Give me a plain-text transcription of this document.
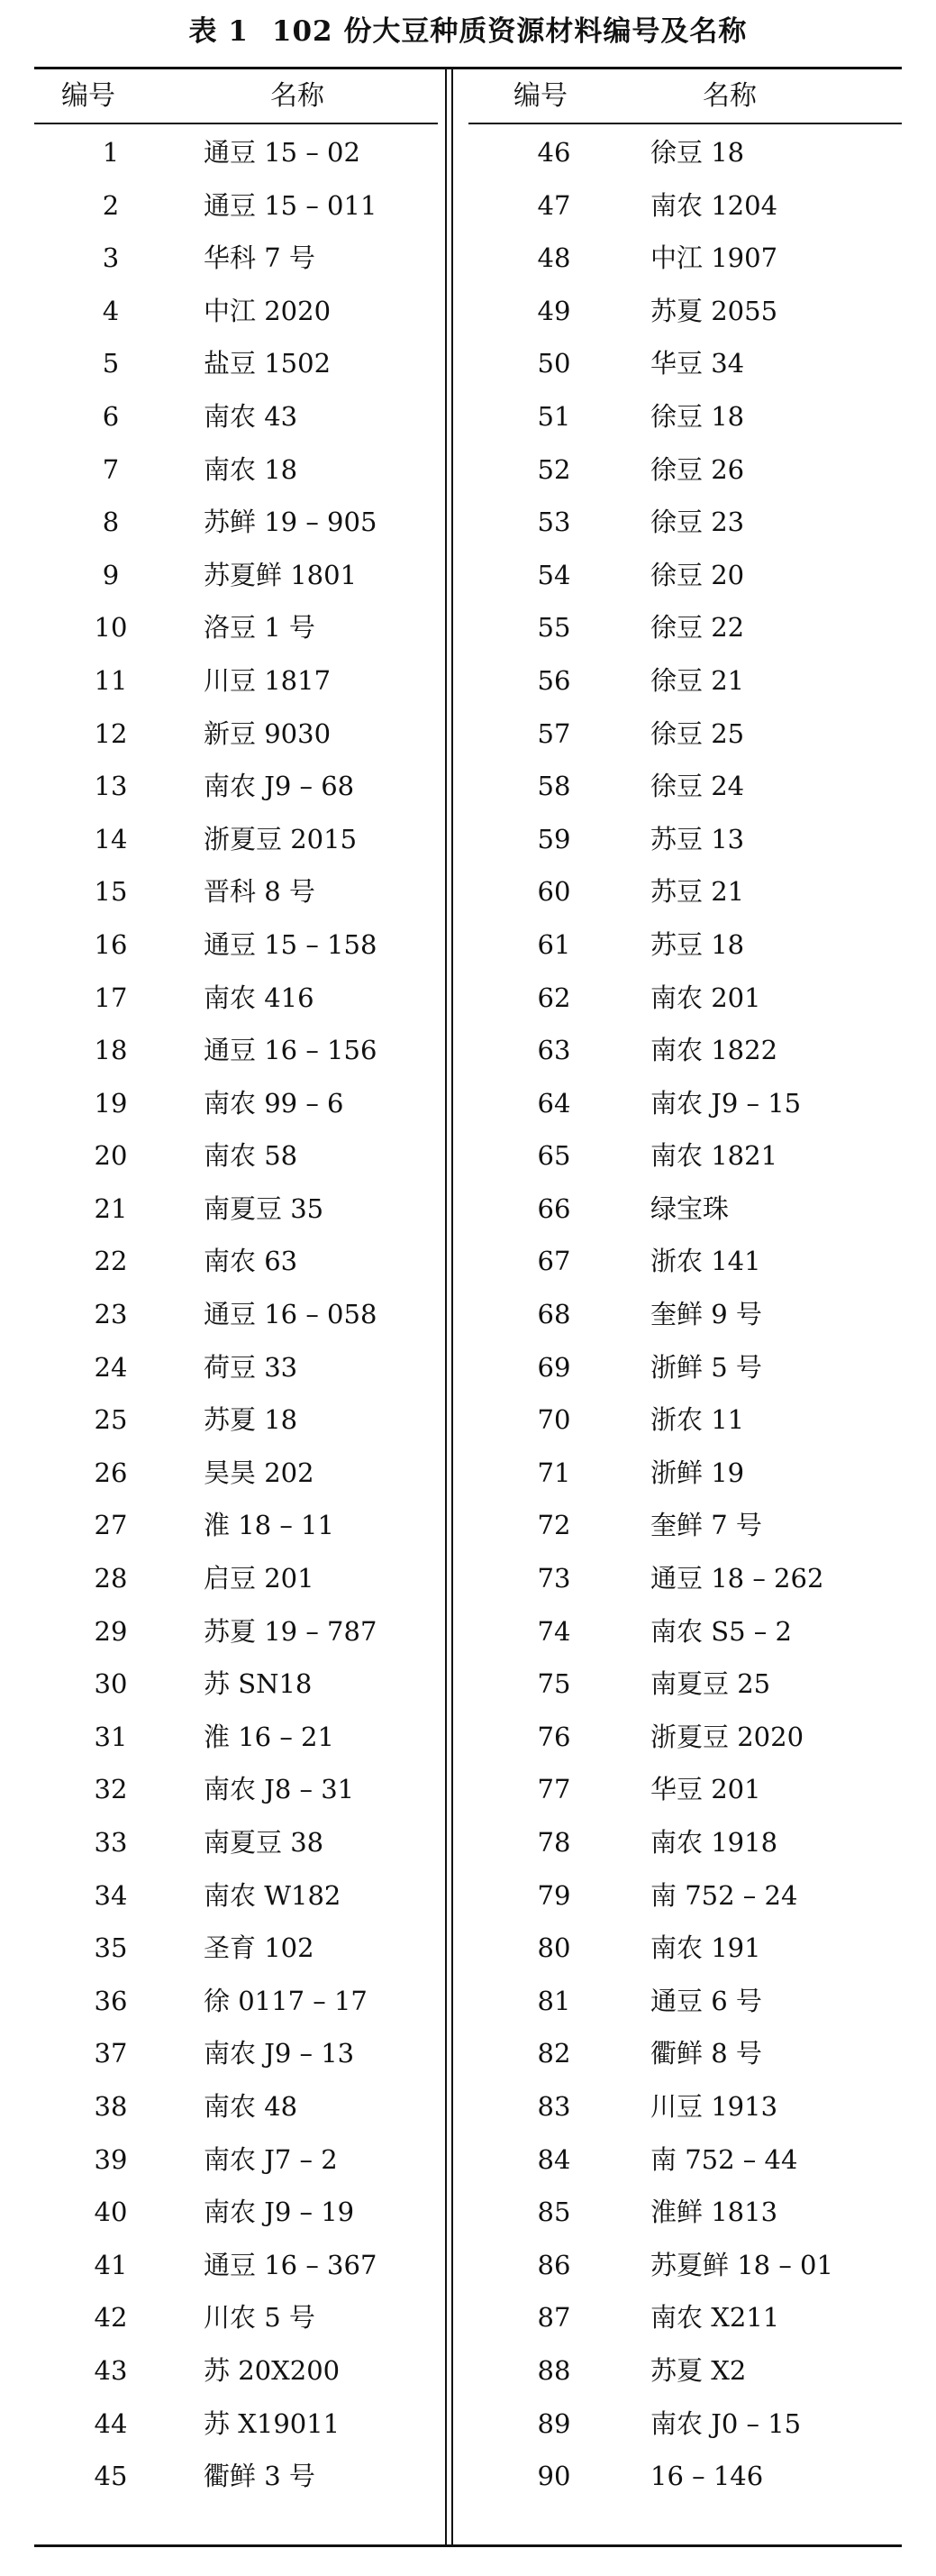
表 1 102 份大豆种质资源材料编号及名称
编号	名称
1	通豆 15 – 02
2	通豆 15 – 011
3	华科 7 号
4	中江 2020
5	盐豆 1502
6	南农 43
7	南农 18
8	苏鲜 19 – 905
9	苏夏鲜 1801
10	洛豆 1 号
11	川豆 1817
12	新豆 9030
13	南农 J9 – 68
14	浙夏豆 2015
15	晋科 8 号
16	通豆 15 – 158
17	南农 416
18	通豆 16 – 156
19	南农 99 – 6
20	南农 58
21	南夏豆 35
22	南农 63
23	通豆 16 – 058
24	荷豆 33
25	苏夏 18
26	昊昊 202
27	淮 18 – 11
28	启豆 201
29	苏夏 19 – 787
30	苏 SN18
31	淮 16 – 21
32	南农 J8 – 31
33	南夏豆 38
34	南农 W182
35	圣育 102
36	徐 0117 – 17
37	南农 J9 – 13
38	南农 48
39	南农 J7 – 2
40	南农 J9 – 19
41	通豆 16 – 367
42	川农 5 号
43	苏 20X200
44	苏 X19011
45	衢鲜 3 号
编号	名称
46	徐豆 18
47	南农 1204
48	中江 1907
49	苏夏 2055
50	华豆 34
51	徐豆 18
52	徐豆 26
53	徐豆 23
54	徐豆 20
55	徐豆 22
56	徐豆 21
57	徐豆 25
58	徐豆 24
59	苏豆 13
60	苏豆 21
61	苏豆 18
62	南农 201
63	南农 1822
64	南农 J9 – 15
65	南农 1821
66	绿宝珠
67	浙农 141
68	奎鲜 9 号
69	浙鲜 5 号
70	浙农 11
71	浙鲜 19
72	奎鲜 7 号
73	通豆 18 – 262
74	南农 S5 – 2
75	南夏豆 25
76	浙夏豆 2020
77	华豆 201
78	南农 1918
79	南 752 – 24
80	南农 191
81	通豆 6 号
82	衢鲜 8 号
83	川豆 1913
84	南 752 – 44
85	淮鲜 1813
86	苏夏鲜 18 – 01
87	南农 X211
88	苏夏 X2
89	南农 J0 – 15
90	16 – 146
